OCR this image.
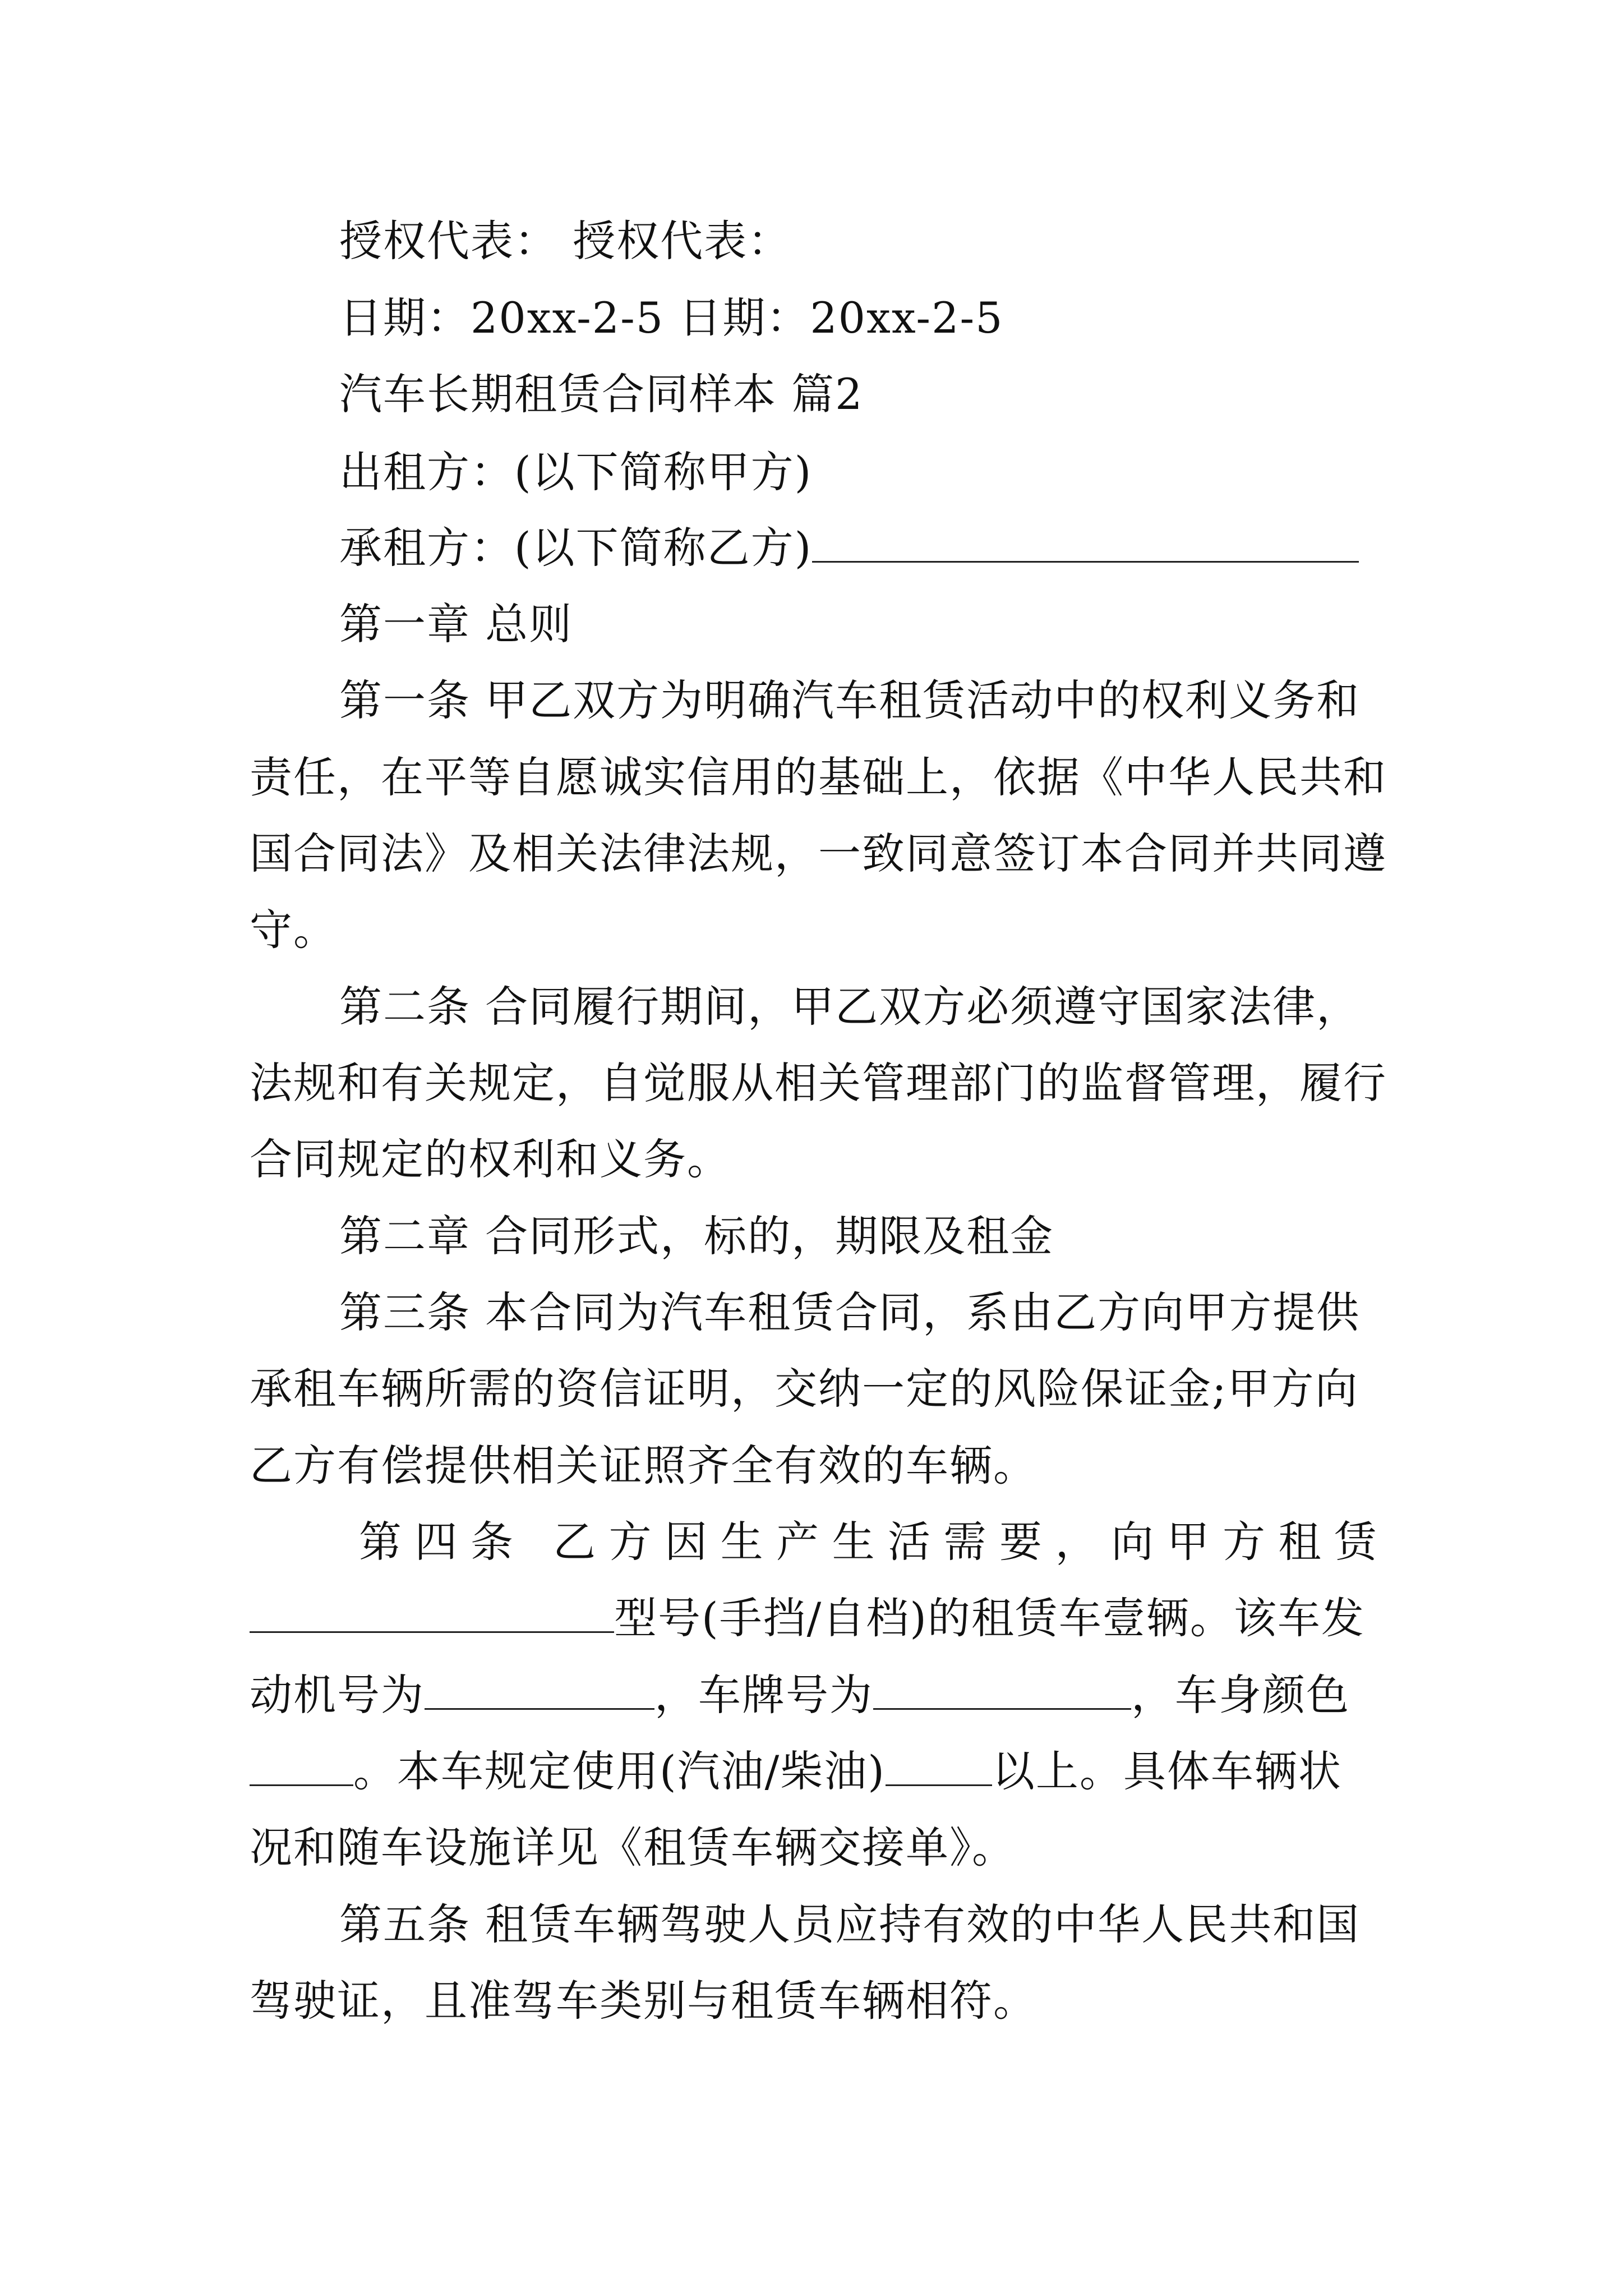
授权代表： 授权代表：
日期：20xx-2-5 日期：20xx-2-5
汽车长期租赁合同样本 篇2
出租方：(以下简称甲方)
承租方：(以下简称乙方)
第一章 总则
第一条 甲乙双方为明确汽车租赁活动中的权利义务和
责任，在平等自愿诚实信用的基础上，依据《中华人民共和
国合同法》及相关法律法规，一致同意签订本合同并共同遵
守。
第二条 合同履行期间，甲乙双方必须遵守国家法律，
法规和有关规定，自觉服从相关管理部门的监督管理，履行
合同规定的权利和义务。
第二章 合同形式，标的，期限及租金
第三条 本合同为汽车租赁合同，系由乙方向甲方提供
承租车辆所需的资信证明，交纳一定的风险保证金;甲方向
乙方有偿提供相关证照齐全有效的车辆。
第四条 乙方因生产生活需要，向甲方租赁
型号(手挡/自档)的租赁车壹辆。该车发
动机号为	，车牌号为	，车身颜色
。本车规定使用(汽油/柴油)	以上。具体车辆状
况和随车设施详见《租赁车辆交接单》。
第五条 租赁车辆驾驶人员应持有效的中华人民共和国
驾驶证，且准驾车类别与租赁车辆相符。
